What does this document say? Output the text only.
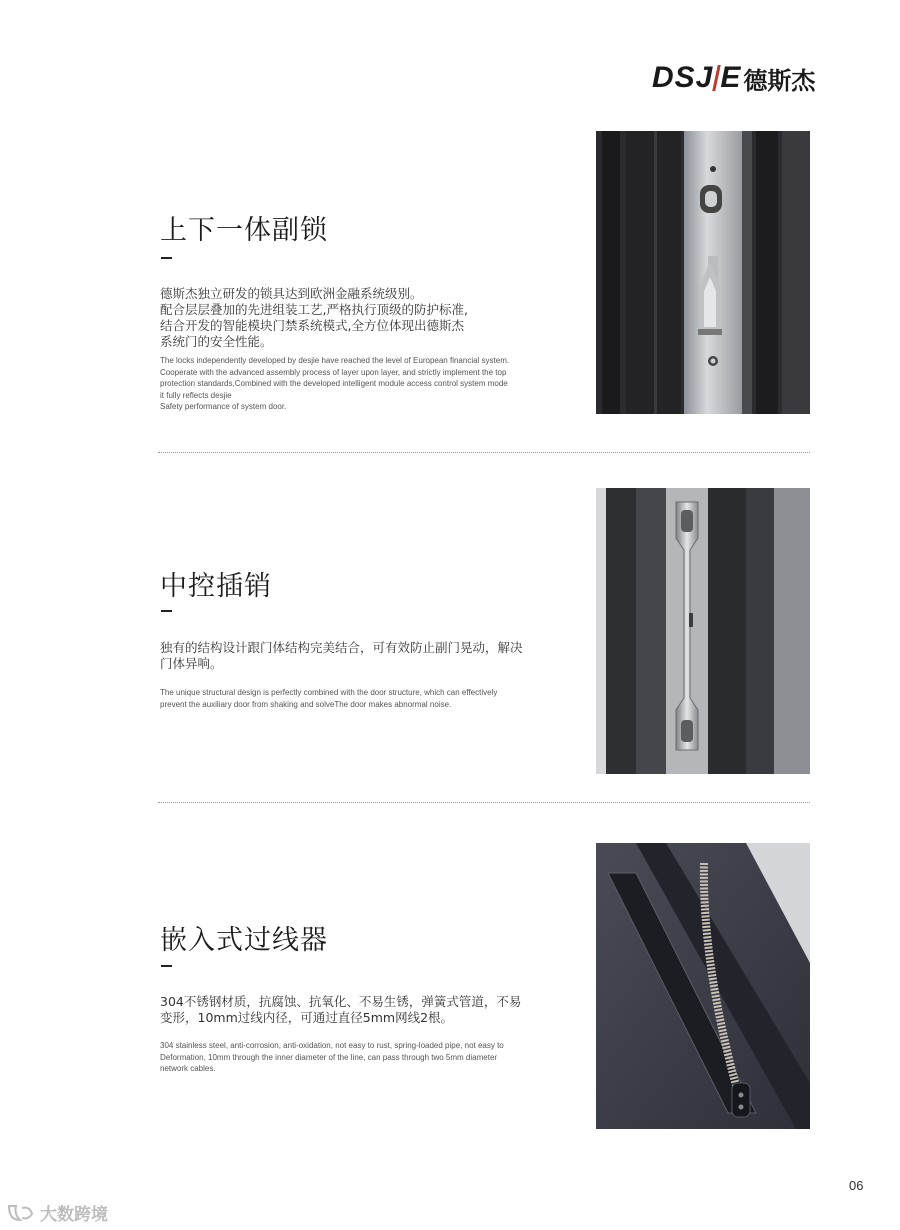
DSJ E 德斯杰
上下一体副锁
德斯杰独立研发的锁具达到欧洲金融系统级别。
配合层层叠加的先进组装工艺,严格执行顶级的防护标准,
结合开发的智能模块门禁系统模式,全方位体现出德斯杰
系统门的安全性能。
The locks independently developed by desjie have reached the level of European financial system.
Cooperate with the advanced assembly process of layer upon layer, and strictly implement the top
protection standards,Combined with the developed intelligent module access control system mode
it fully reflects desjie
Safety performance of system door.
中控插销
独有的结构设计跟门体结构完美结合，可有效防止副门晃动，解决
门体异响。
The unique structural design is perfectly combined with the door structure, which can effectively
prevent the auxiliary door from shaking and solveThe door makes abnormal noise.
嵌入式过线器
304不锈钢材质，抗腐蚀、抗氧化、不易生锈，弹簧式管道，不易
变形，10mm过线内径，可通过直径5mm网线2根。
304 stainless steel, anti-corrosion, anti-oxidation, not easy to rust, spring-loaded pipe, not easy to
Deformation, 10mm through the inner diameter of the line, can pass through two 5mm diameter
network cables.
06
大数跨境
